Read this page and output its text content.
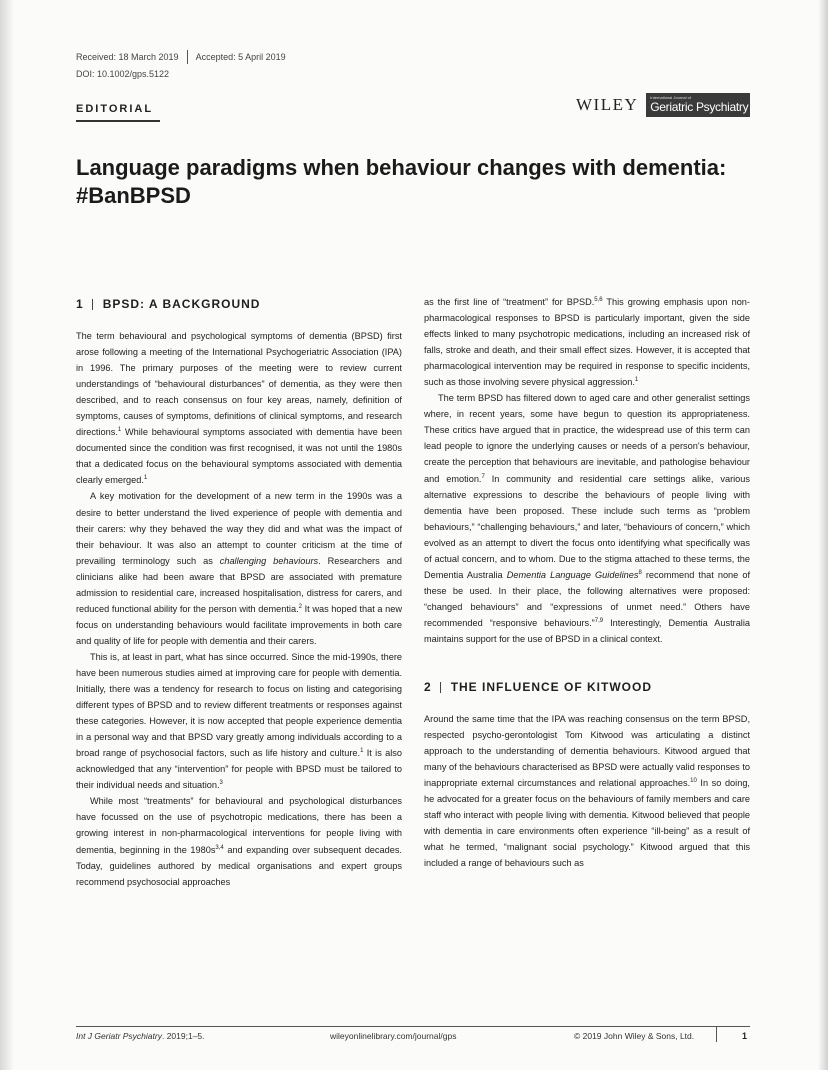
Received: 18 March 2019 Accepted: 5 April 2019
DOI: 10.1002/gps.5122
EDITORIAL	WILEY	International Journal of
Geriatric Psychiatry
Language paradigms when behaviour changes with dementia:
#BanBPSD
1 BPSD: A BACKGROUND

The term behavioural and psychological symptoms of dementia (BPSD) first arose following a meeting of the International Psychogeriatric Association (IPA) in 1996. The primary purposes of the meeting were to review current understandings of “behavioural disturbances” of dementia, as they were then described, and to reach consensus on four key areas, namely, definition of symptoms, causes of symptoms, definitions of clinical symptoms, and research directions.$^1$ While behavioural symptoms associated with dementia have been documented since the condition was first recognised, it was not until the 1980s that a dedicated focus on the behavioural symptoms associated with dementia clearly emerged.$^1$

A key motivation for the development of a new term in the 1990s was a desire to better understand the lived experience of people with dementia and their carers: why they behaved the way they did and what was the impact of their behaviour. It was also an attempt to counter criticism at the time of prevailing terminology such as challenging behaviours. Researchers and clinicians alike had been aware that BPSD are associated with premature admission to residential care, increased hospitalisation, distress for carers, and reduced functional ability for the person with dementia.$^2$ It was hoped that a new focus on understanding behaviours would facilitate improvements in both care and quality of life for people with dementia and their carers.

This is, at least in part, what has since occurred. Since the mid-1990s, there have been numerous studies aimed at improving care for people with dementia. Initially, there was a tendency for research to focus on listing and categorising different types of BPSD and to review different treatments or responses against these categories. However, it is now accepted that people experience dementia in a personal way and that BPSD vary greatly among individuals according to a broad range of psychosocial factors, such as life history and culture.$^1$ It is also acknowledged that any “intervention” for people with BPSD must be tailored to their individual needs and situation.$^3$

While most “treatments” for behavioural and psychological disturbances have focussed on the use of psychotropic medications, there has been a growing interest in non-pharmacological interventions for people living with dementia, beginning in the $1980s^{3,4}$ and expanding over subsequent decades. Today, guidelines authored by medical organisations and expert groups recommend psychosocial approaches

as the first line of “treatment” for BPSD.$^{5,6}$ This growing emphasis upon non-pharmacological responses to BPSD is particularly important, given the side effects linked to many psychotropic medications, including an increased risk of falls, stroke and death, and their small effect sizes. However, it is accepted that pharmacological intervention may be required in response to specific incidents, such as those involving severe physical aggression.$^1$

The term BPSD has filtered down to aged care and other generalist settings where, in recent years, some have begun to question its appropriateness. These critics have argued that in practice, the widespread use of this term can lead people to ignore the underlying causes or needs of a person's behaviour, create the perception that behaviours are inevitable, and pathologise behaviour and emotion.$^7$ In community and residential care settings alike, various alternative expressions to describe the behaviours of people living with dementia have been proposed. These include such terms as “problem behaviours,” “challenging behaviours,” and later, “behaviours of concern,” which evolved as an attempt to divert the focus onto identifying what specifically was of actual concern, and to whom. Due to the stigma attached to these terms, the Dementia Australia Dementia Language Guidelines$^8$ recommend that none of these be used. In their place, the following alternatives were proposed: “changed behaviours” and “expressions of unmet need.” Others have recommended “responsive behaviours.”$^{7,9}$ Interestingly, Dementia Australia maintains support for the use of BPSD in a clinical context.

2 THE INFLUENCE OF KITWOOD

Around the same time that the IPA was reaching consensus on the term BPSD, respected psycho-gerontologist Tom Kitwood was articulating a distinct approach to the understanding of dementia behaviours. Kitwood argued that many of the behaviours characterised as BPSD were actually valid responses to inappropriate external circumstances and relational approaches.$^{10}$ In so doing, he advocated for a greater focus on the behaviours of family members and care staff who interact with people living with dementia. Kitwood believed that people with dementia in care environments often experience “ill-being” as a result of what he termed, “malignant social psychology.” Kitwood argued that this included a range of behaviours such as

Int J Geriatr Psychiatry. 2019;1–5.	wileyonlinelibrary.com/journal/gps	© 2019 John Wiley & Sons, Ltd.	1
